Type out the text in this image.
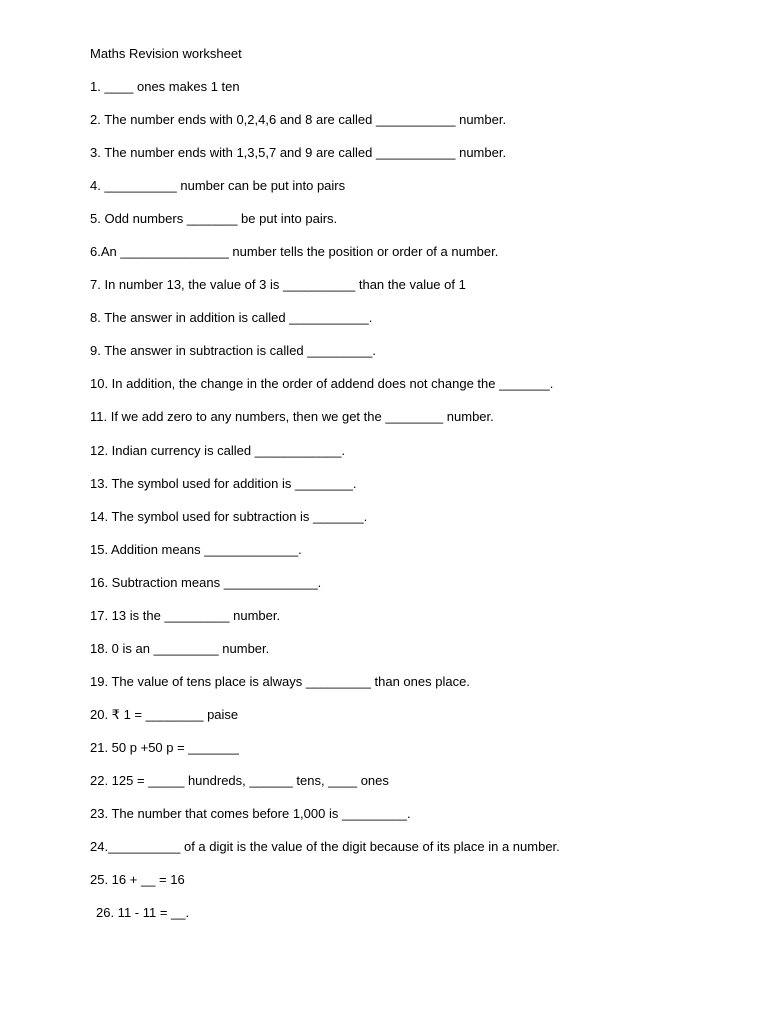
Maths Revision worksheet
1. ____ ones makes 1 ten
2. The number ends with 0,2,4,6 and 8 are called ___________ number.
3. The number ends with 1,3,5,7 and 9 are called ___________ number.
4. __________ number can be put into pairs
5. Odd numbers _______ be put into pairs.
6.An _______________ number tells the position or order of a number.
7. In number 13, the value of 3 is __________ than the value of 1
8. The answer in addition is called ___________.
9. The answer in subtraction is called _________.
10. In addition, the change in the order of addend does not change the _______.
11. If we add zero to any numbers, then we get the ________ number.
12. Indian currency is called ____________.
13. The symbol used for addition is ________.
14. The symbol used for subtraction is _______.
15. Addition means _____________.
16. Subtraction means _____________.
17. 13 is the _________ number.
18. 0 is an _________ number.
19. The value of tens place is always _________ than ones place.
20. ₹ 1 = ________ paise
21. 50 p +50 p = _______
22. 125 = _____ hundreds, ______ tens, ____ ones
23. The number that comes before 1,000 is _________.
24.__________ of a digit is the value of the digit because of its place in a number.
25. 16 + __ = 16
26. 11 - 11 = __.
